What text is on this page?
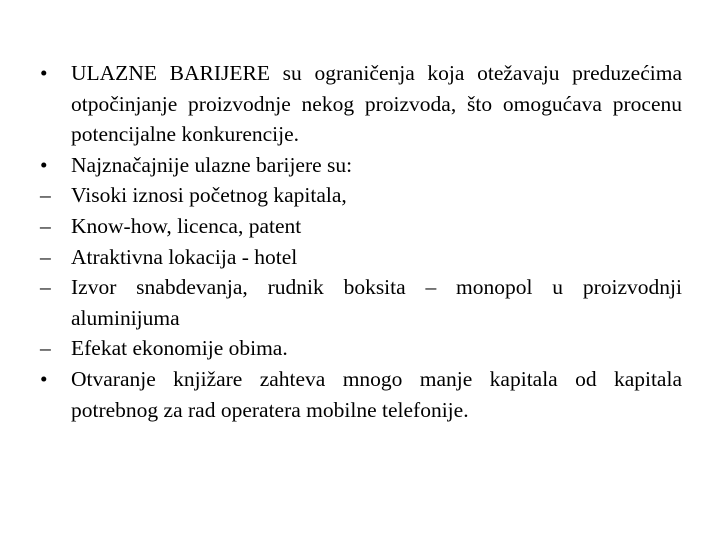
•	ULAZNE BARIJERE su ograničenja koja otežavaju preduzećima otpočinjanje proizvodnje nekog proizvoda, što omogućava procenu potencijalne konkurencije.
•	Najznačajnije ulazne barijere su:
– Visoki iznosi početnog kapitala,
– Know-how, licenca, patent
– Atraktivna lokacija - hotel
– Izvor snabdevanja, rudnik boksita – monopol u proizvodnji aluminijuma
– Efekat ekonomije obima.
•	Otvaranje knjižare zahteva mnogo manje kapitala od kapitala potrebnog za rad operatera mobilne telefonije.
